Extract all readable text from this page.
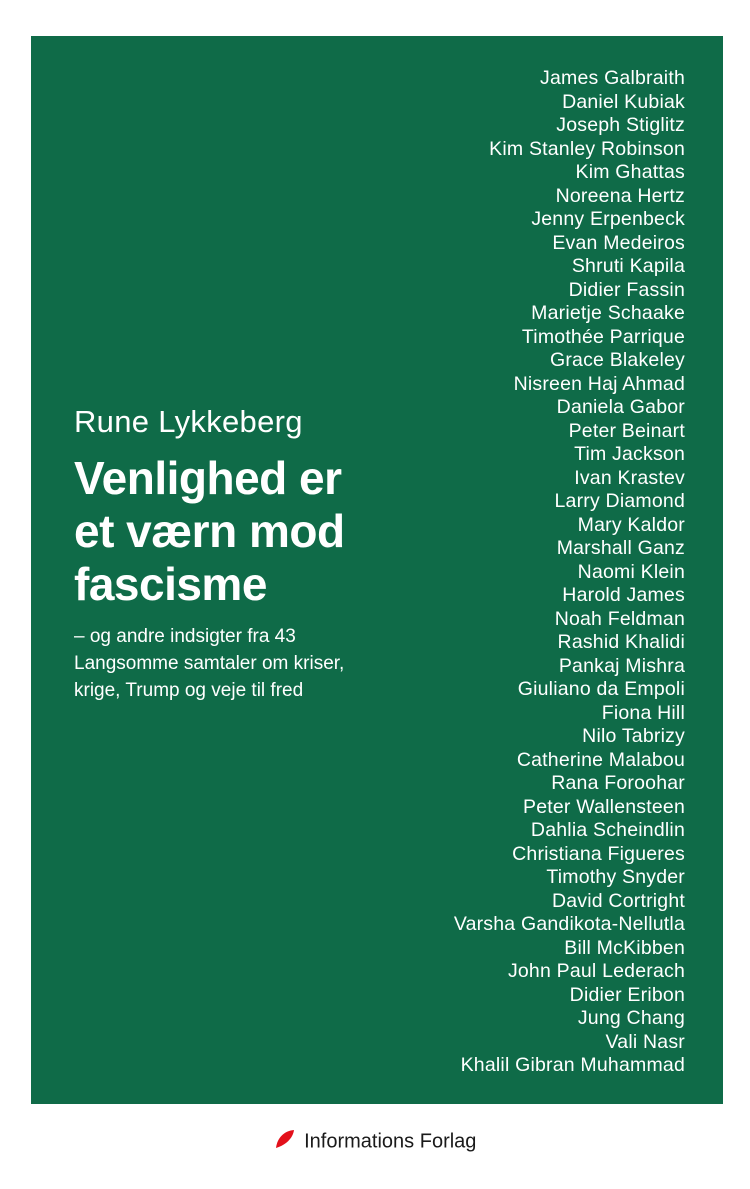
James Galbraith
Daniel Kubiak
Joseph Stiglitz
Kim Stanley Robinson
Kim Ghattas
Noreena Hertz
Jenny Erpenbeck
Evan Medeiros
Shruti Kapila
Didier Fassin
Marietje Schaake
Timothée Parrique
Grace Blakeley
Nisreen Haj Ahmad
Daniela Gabor
Peter Beinart
Tim Jackson
Ivan Krastev
Larry Diamond
Mary Kaldor
Marshall Ganz
Naomi Klein
Harold James
Noah Feldman
Rashid Khalidi
Pankaj Mishra
Giuliano da Empoli
Fiona Hill
Nilo Tabrizy
Catherine Malabou
Rana Foroohar
Peter Wallensteen
Dahlia Scheindlin
Christiana Figueres
Timothy Snyder
David Cortright
Varsha Gandikota-Nellutla
Bill McKibben
John Paul Lederach
Didier Eribon
Jung Chang
Vali Nasr
Khalil Gibran Muhammad
Rune Lykkeberg
Venlighed er
et værn mod
fascisme
– og andre indsigter fra 43 Langsomme samtaler om kriser, krige, Trump og veje til fred
Informations Forlag
